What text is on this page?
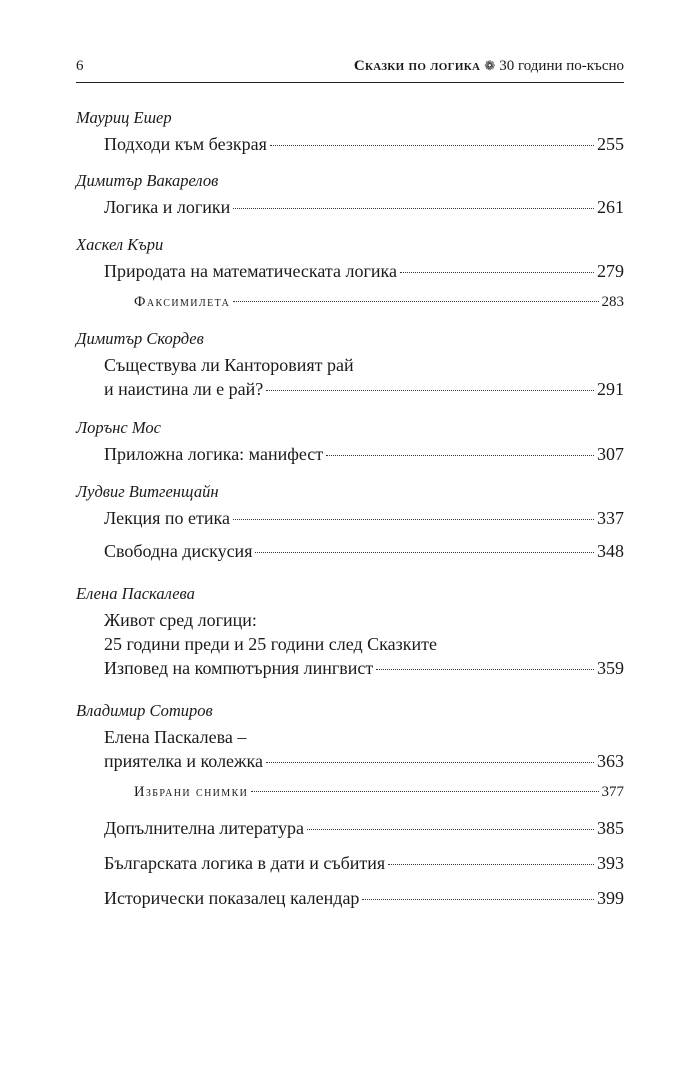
6	Сказки по логика ❁ 30 години по-късно
Мауриц Ешер
Подходи към безкрая	255
Димитър Вакарелов
Логика и логики	261
Хаскел Къри
Природата на математическата логика	279
Факсимилета	283
Димитър Скордев
Съществува ли Канторовият рай
и наистина ли е рай?	291
Лорънс Мос
Приложна логика: манифест	307
Лудвиг Витгенщайн
Лекция по етика	337
Свободна дискусия	348
Елена Паскалева
Живот сред логици:
25 години преди и 25 години след Сказките
Изповед на компютърния лингвист	359
Владимир Сотиров
Елена Паскалева –
приятелка и колежка	363
Избрани снимки	377
Допълнителна литература	385
Българската логика в дати и събития	393
Исторически показалец календар	399
